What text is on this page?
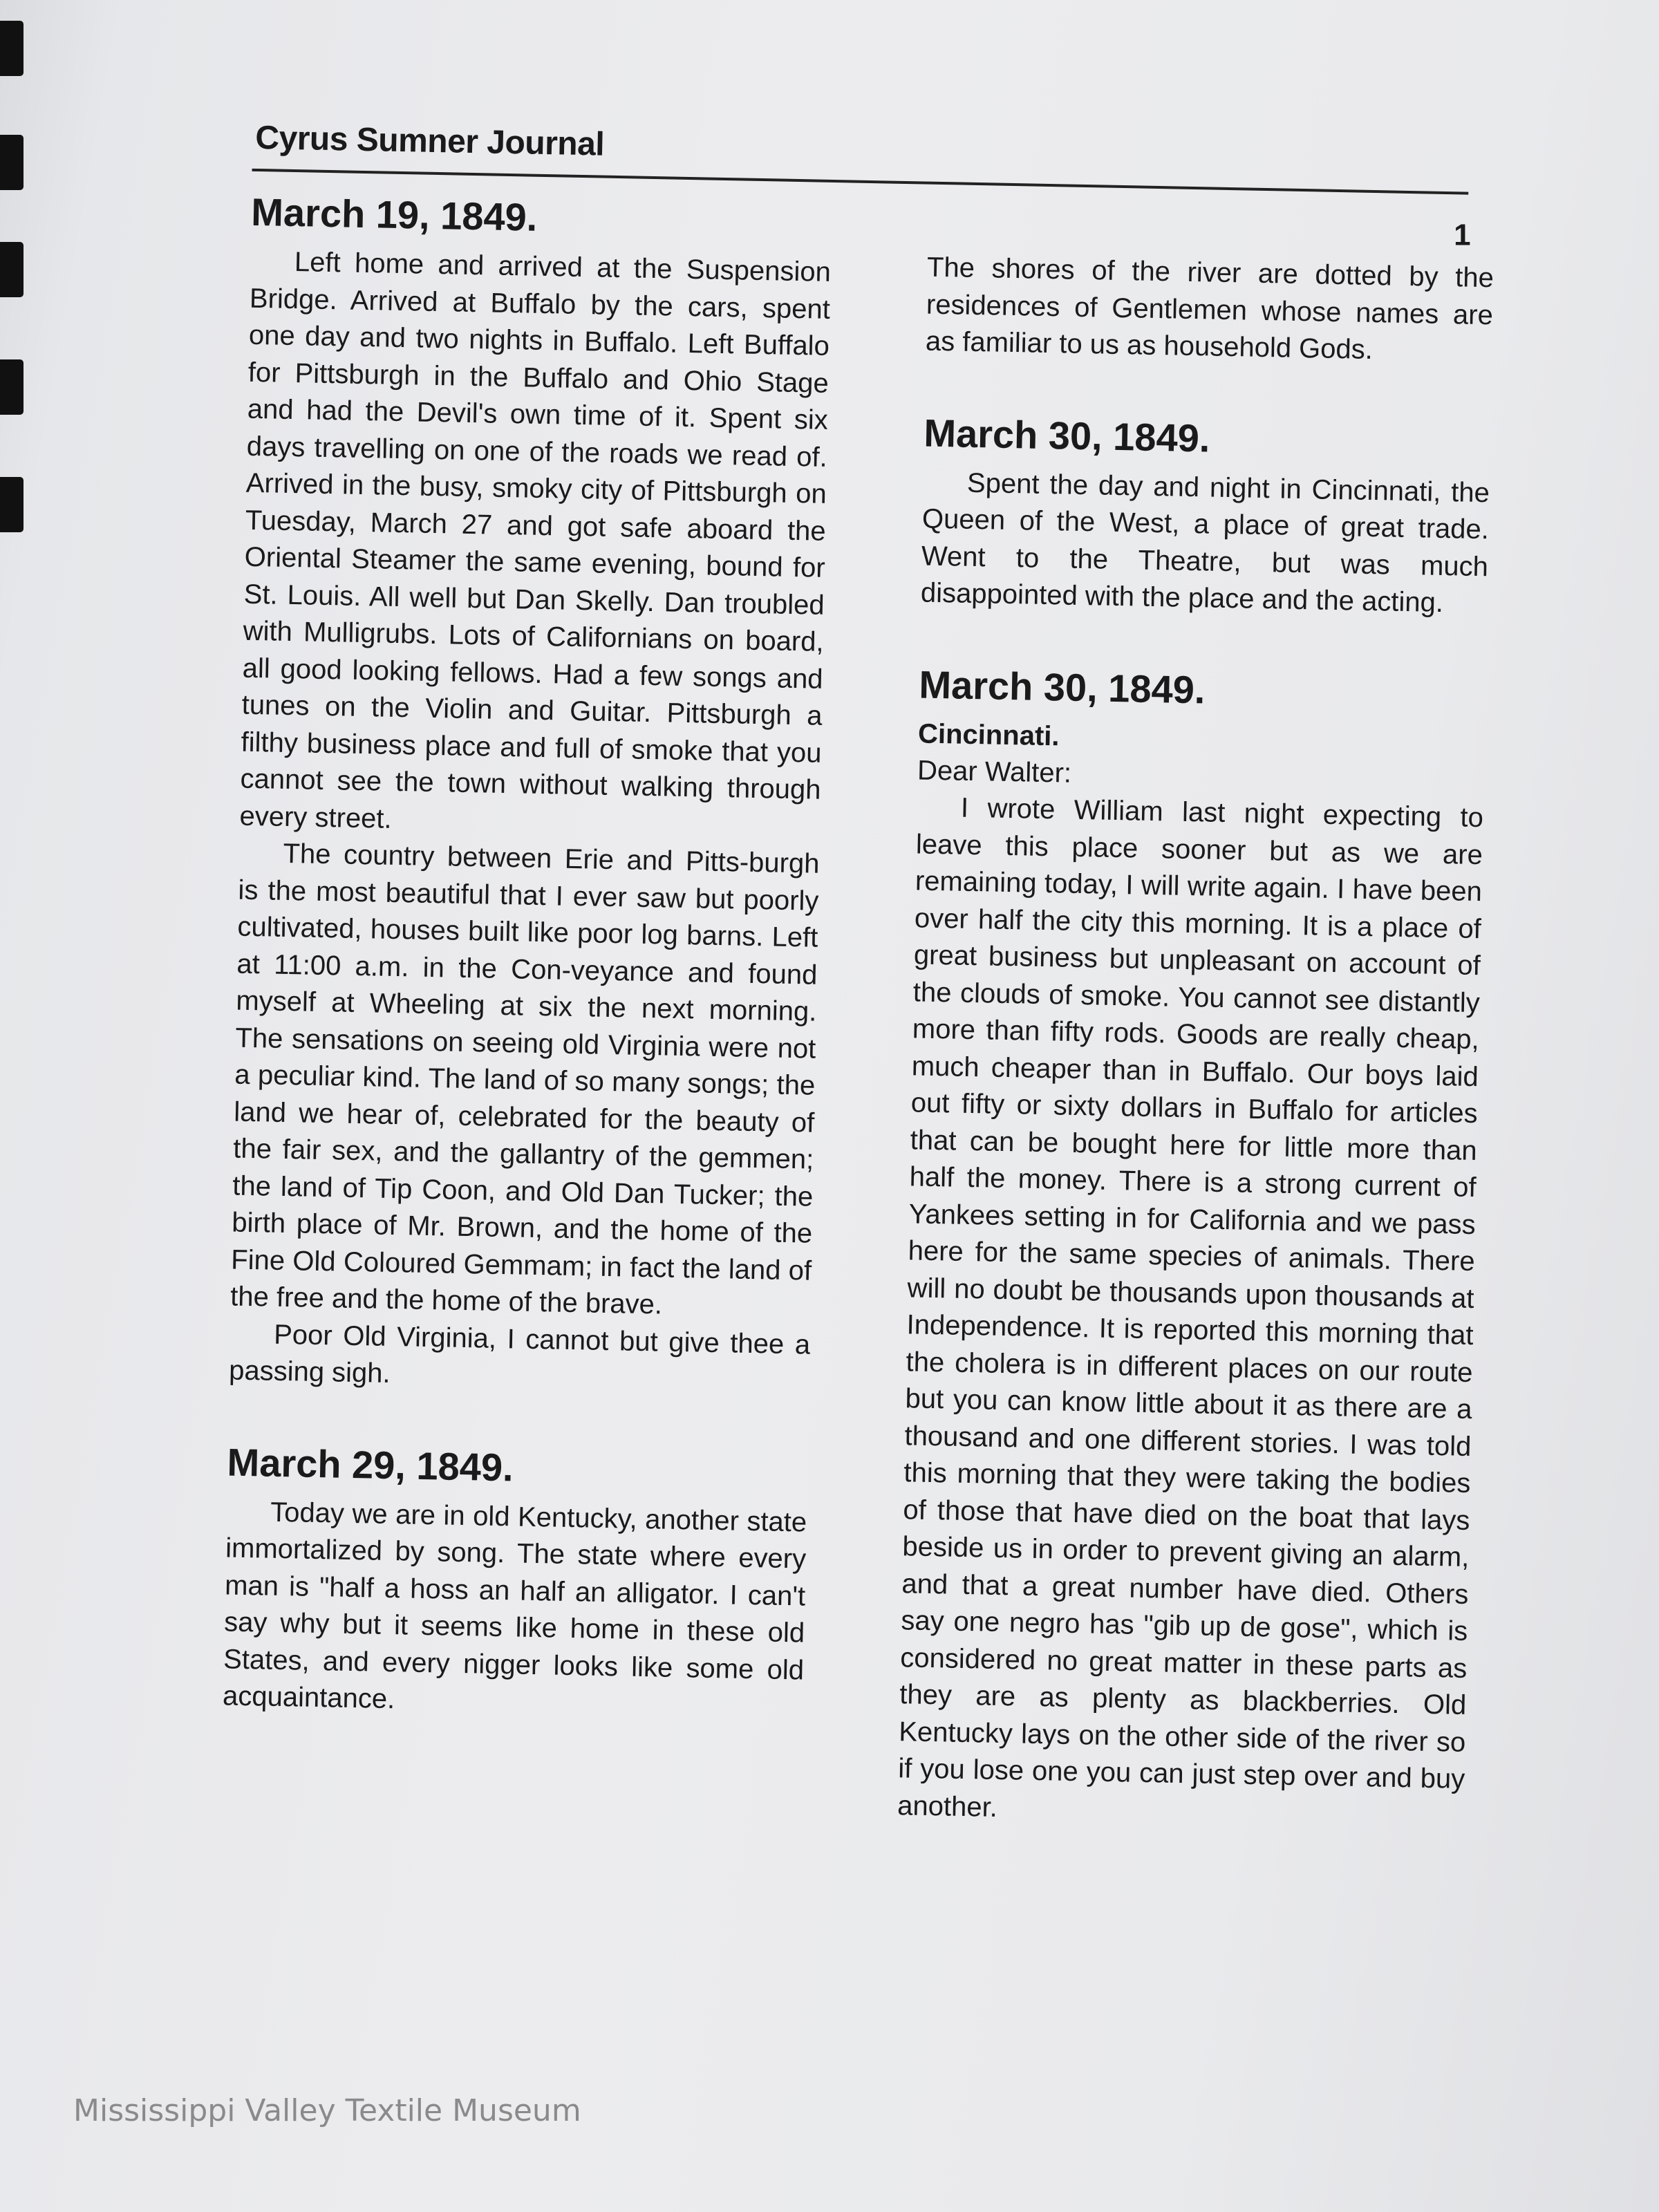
Cyrus Sumner Journal
1
March 19, 1849.

Left home and arrived at the Suspension Bridge. Arrived at Buffalo by the cars, spent one day and two nights in Buffalo. Left Buffalo for Pittsburgh in the Buffalo and Ohio Stage and had the Devil's own time of it. Spent six days travelling on one of the roads we read of. Arrived in the busy, smoky city of Pittsburgh on Tuesday, March 27 and got safe aboard the Oriental Steamer the same evening, bound for St. Louis. All well but Dan Skelly. Dan troubled with Mulligrubs. Lots of Californians on board, all good looking fellows. Had a few songs and tunes on the Violin and Guitar. Pittsburgh a filthy business place and full of smoke that you cannot see the town without walking through every street.

The country between Erie and Pitts-burgh is the most beautiful that I ever saw but poorly cultivated, houses built like poor log barns. Left at 11:00 a.m. in the Con-veyance and found myself at Wheeling at six the next morning. The sensations on seeing old Virginia were not a peculiar kind. The land of so many songs; the land we hear of, celebrated for the beauty of the fair sex, and the gallantry of the gemmen; the land of Tip Coon, and Old Dan Tucker; the birth place of Mr. Brown, and the home of the Fine Old Coloured Gemmam; in fact the land of the free and the home of the brave.

Poor Old Virginia, I cannot but give thee a passing sigh.

March 29, 1849.

Today we are in old Kentucky, another state immortalized by song. The state where every man is "half a hoss an half an alligator. I can't say why but it seems like home in these old States, and every nigger looks like some old acquaintance.

The shores of the river are dotted by the residences of Gentlemen whose names are as familiar to us as household Gods.

March 30, 1849.

Spent the day and night in Cincinnati, the Queen of the West, a place of great trade. Went to the Theatre, but was much disappointed with the place and the acting.

March 30, 1849.
Cincinnati.
Dear Walter:

I wrote William last night expecting to leave this place sooner but as we are remaining today, I will write again. I have been over half the city this morning. It is a place of great business but unpleasant on account of the clouds of smoke. You cannot see distantly more than fifty rods. Goods are really cheap, much cheaper than in Buffalo. Our boys laid out fifty or sixty dollars in Buffalo for articles that can be bought here for little more than half the money. There is a strong current of Yankees setting in for California and we pass here for the same species of animals. There will no doubt be thousands upon thousands at Independence. It is reported this morning that the cholera is in different places on our route but you can know little about it as there are a thousand and one different stories. I was told this morning that they were taking the bodies of those that have died on the boat that lays beside us in order to prevent giving an alarm, and that a great number have died. Others say one negro has "gib up de gose", which is considered no great matter in these parts as they are as plenty as blackberries. Old Kentucky lays on the other side of the river so if you lose one you can just step over and buy another.

Mississippi Valley Textile Museum
